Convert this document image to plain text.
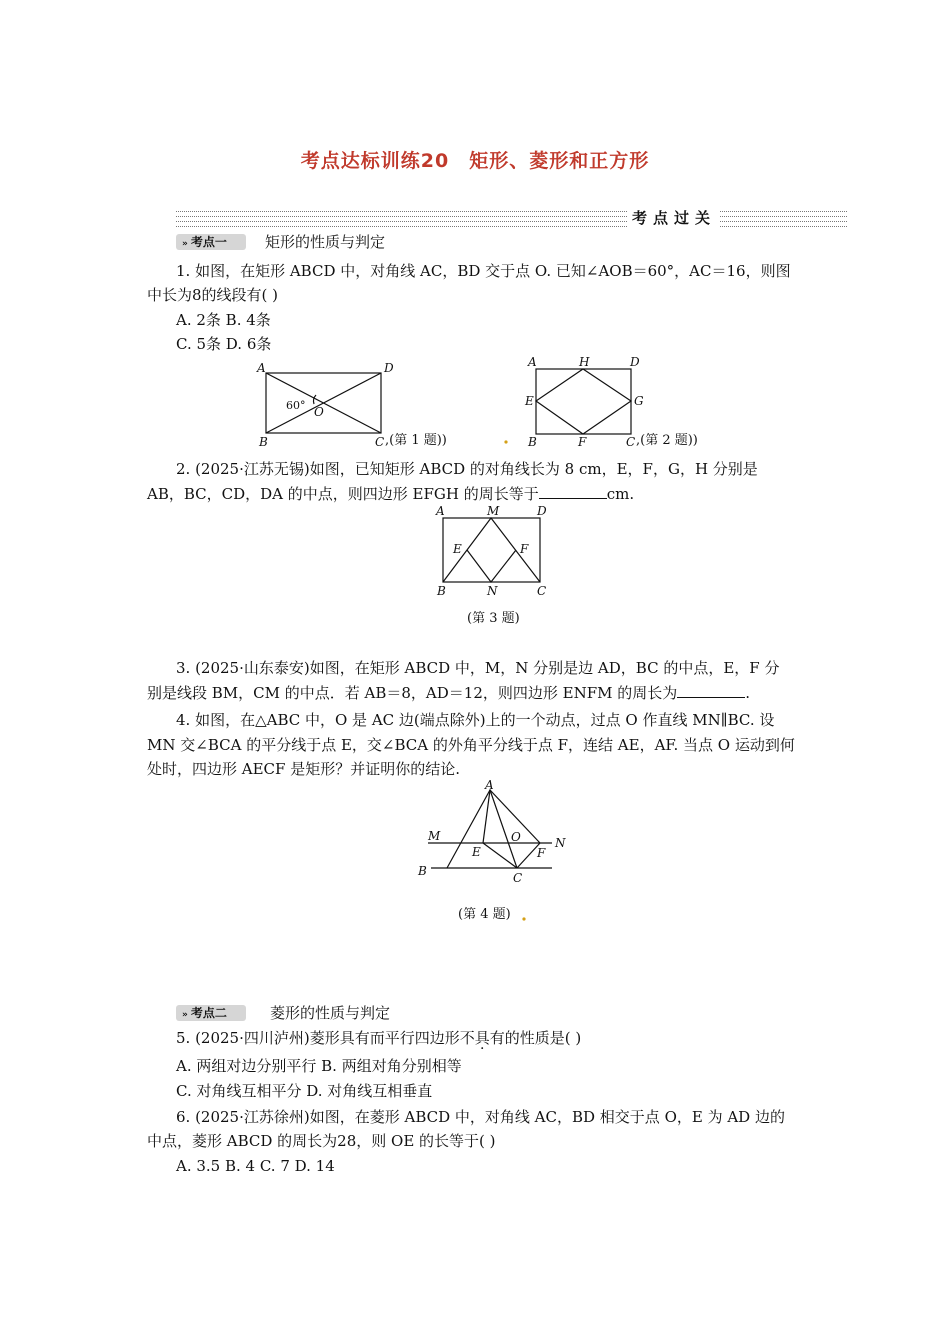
考点达标训练20　矩形、菱形和正方形
考点过关
» 考点一	矩形的性质与判定
1. 如图，在矩形 ABCD 中，对角线 AC，BD 交于点 O. 已知∠AOB＝60°，AC＝16，则图
中长为8的线段有( )
A. 2条 B. 4条
C. 5条 D. 6条
2. (2025·江苏无锡)如图，已知矩形 ABCD 的对角线长为 8 cm，E，F，G，H 分别是
AB，BC，CD，DA 的中点，则四边形 EFGH 的周长等于	cm.
3. (2025·山东泰安)如图，在矩形 ABCD 中，M，N 分别是边 AD，BC 的中点，E，F 分
别是线段 BM，CM 的中点．若 AB＝8，AD＝12，则四边形 ENFM 的周长为	.
4. 如图，在△ABC 中，O 是 AC 边(端点除外)上的一个动点，过点 O 作直线 MN∥BC. 设
MN 交∠BCA 的平分线于点 E，交∠BCA 的外角平分线于点 F，连结 AE，AF. 当点 O 运动到何
处时，四边形 AECF 是矩形？并证明你的结论.
» 考点二	菱形的性质与判定
5. (2025·四川泸州)菱形具有而平行四边形不具有的性质是( )
A. 两组对边分别平行 B. 两组对角分别相等
C. 对角线互相平分 D. 对角线互相垂直
6. (2025·江苏徐州)如图，在菱形 ABCD 中，对角线 AC，BD 相交于点 O，E 为 AD 边的
中点，菱形 ABCD 的周长为28，则 OE 的长等于( )
A. 3.5 B. 4 C. 7 D. 14
A	D
B	C
O
60°
,(第 1 题))
A	H	D
E	G
B	F	C ,(第 2 题))
A	M	D
E	F
B	N	C
(第 3 题)
A
M	O	N
E	F
B	C
(第 4 题)
